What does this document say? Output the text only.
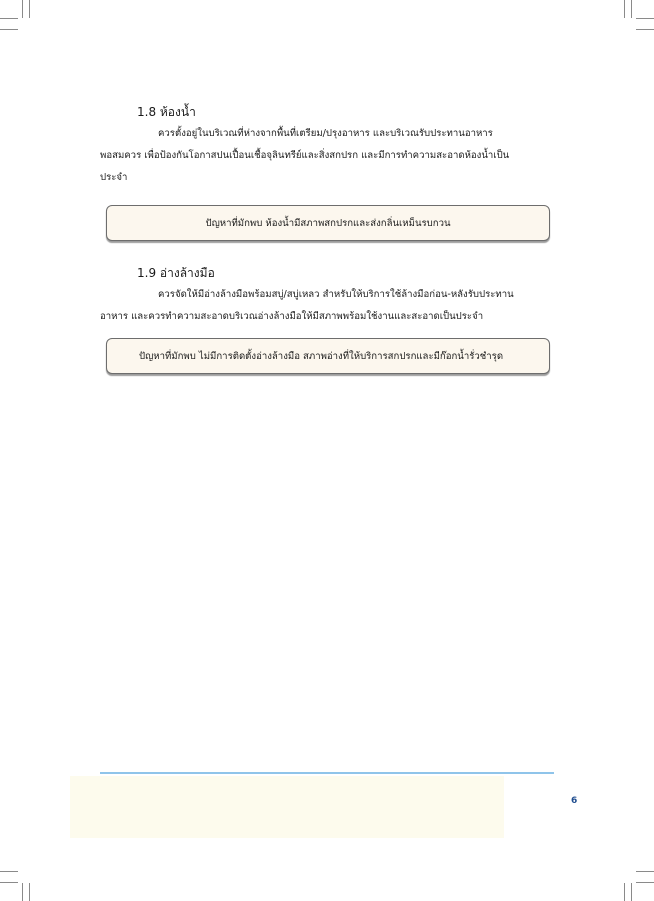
1.8 ห้องน้ำ
ควรตั้งอยู่ในบริเวณที่ห่างจากพื้นที่เตรียม/ปรุงอาหาร และบริเวณรับประทานอาหาร
พอสมควร เพื่อป้องกันโอกาสปนเปื้อนเชื้อจุลินทรีย์และสิ่งสกปรก และมีการทำความสะอาดห้องน้ำเป็น
ประจำ
ปัญหาที่มักพบ ห้องน้ำมีสภาพสกปรกและส่งกลิ่นเหม็นรบกวน
1.9 อ่างล้างมือ
ควรจัดให้มีอ่างล้างมือพร้อมสบู่/สบู่เหลว สำหรับให้บริการใช้ล้างมือก่อน-หลังรับประทาน
อาหาร และควรทำความสะอาดบริเวณอ่างล้างมือให้มีสภาพพร้อมใช้งานและสะอาดเป็นประจำ
ปัญหาที่มักพบ ไม่มีการติดตั้งอ่างล้างมือ สภาพอ่างที่ให้บริการสกปรกและมีก๊อกน้ำรั่วชำรุด
6
